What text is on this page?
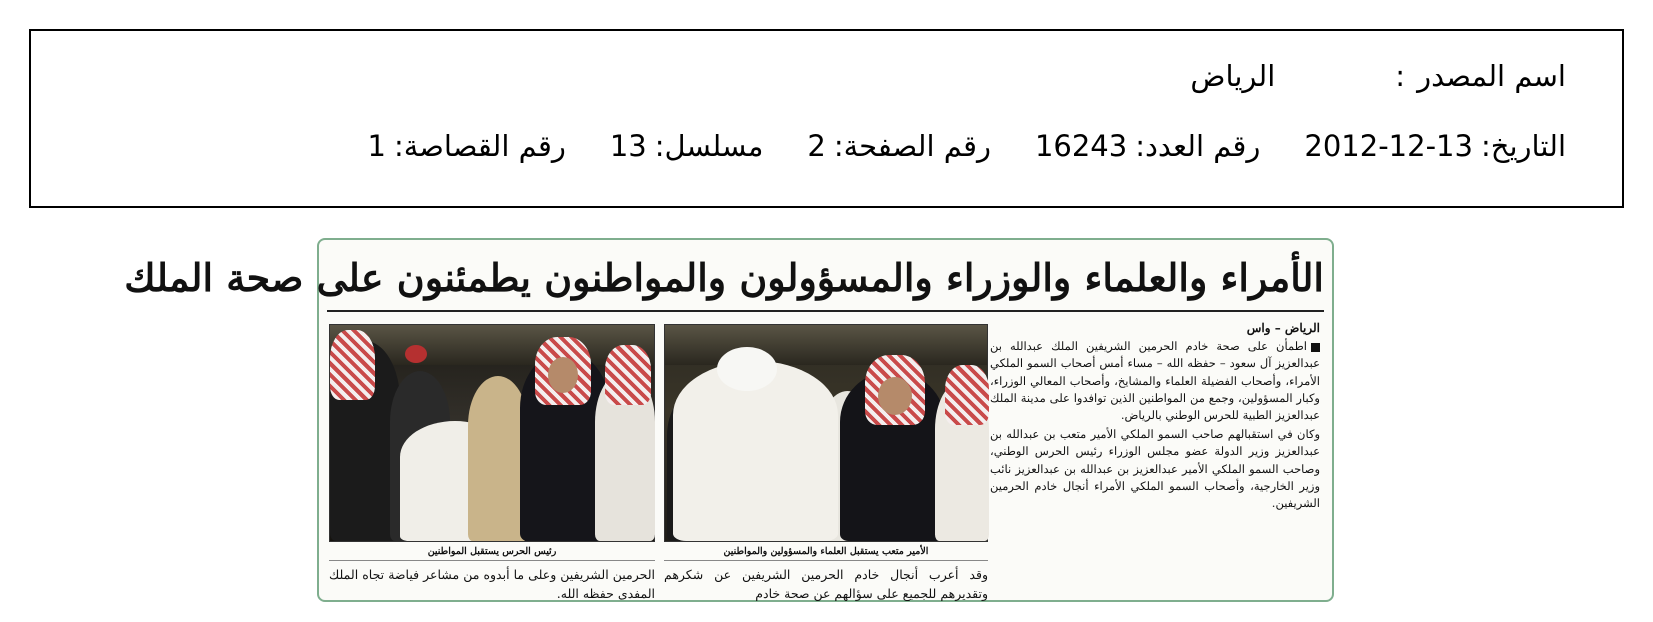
اسم المصدر
:
الرياض
التاريخ:
2012-12-13
رقم العدد:
16243
رقم الصفحة:
2
مسلسل:
13
رقم القصاصة:
1
الأمراء والعلماء والوزراء والمسؤولون والمواطنون يطمئنون على صحة الملك
الرياض – واس

اطمأن على صحة خادم الحرمين الشريفين الملك عبدالله بن عبدالعزيز آل سعود – حفظه الله – مساء أمس أصحاب السمو الملكي الأمراء، وأصحاب الفضيلة العلماء والمشايخ، وأصحاب المعالي الوزراء، وكبار المسؤولين، وجمع من المواطنين الذين توافدوا على مدينة الملك عبدالعزيز الطبية للحرس الوطني بالرياض.

وكان في استقبالهم صاحب السمو الملكي الأمير متعب بن عبدالله بن عبدالعزيز وزير الدولة عضو مجلس الوزراء رئيس الحرس الوطني، وصاحب السمو الملكي الأمير عبدالعزيز بن عبدالله بن عبدالعزيز نائب وزير الخارجية، وأصحاب السمو الملكي الأمراء أنجال خادم الحرمين الشريفين.

الأمير متعب يستقبل العلماء والمسؤولين والمواطنين
رئيس الحرس يستقبل المواطنين
وقد أعرب أنجال خادم الحرمين الشريفين عن شكرهم وتقديرهم للجميع على سؤالهم عن صحة خادم
الحرمين الشريفين وعلى ما أبدوه من مشاعر فياضة تجاه الملك المفدى حفظه الله.
